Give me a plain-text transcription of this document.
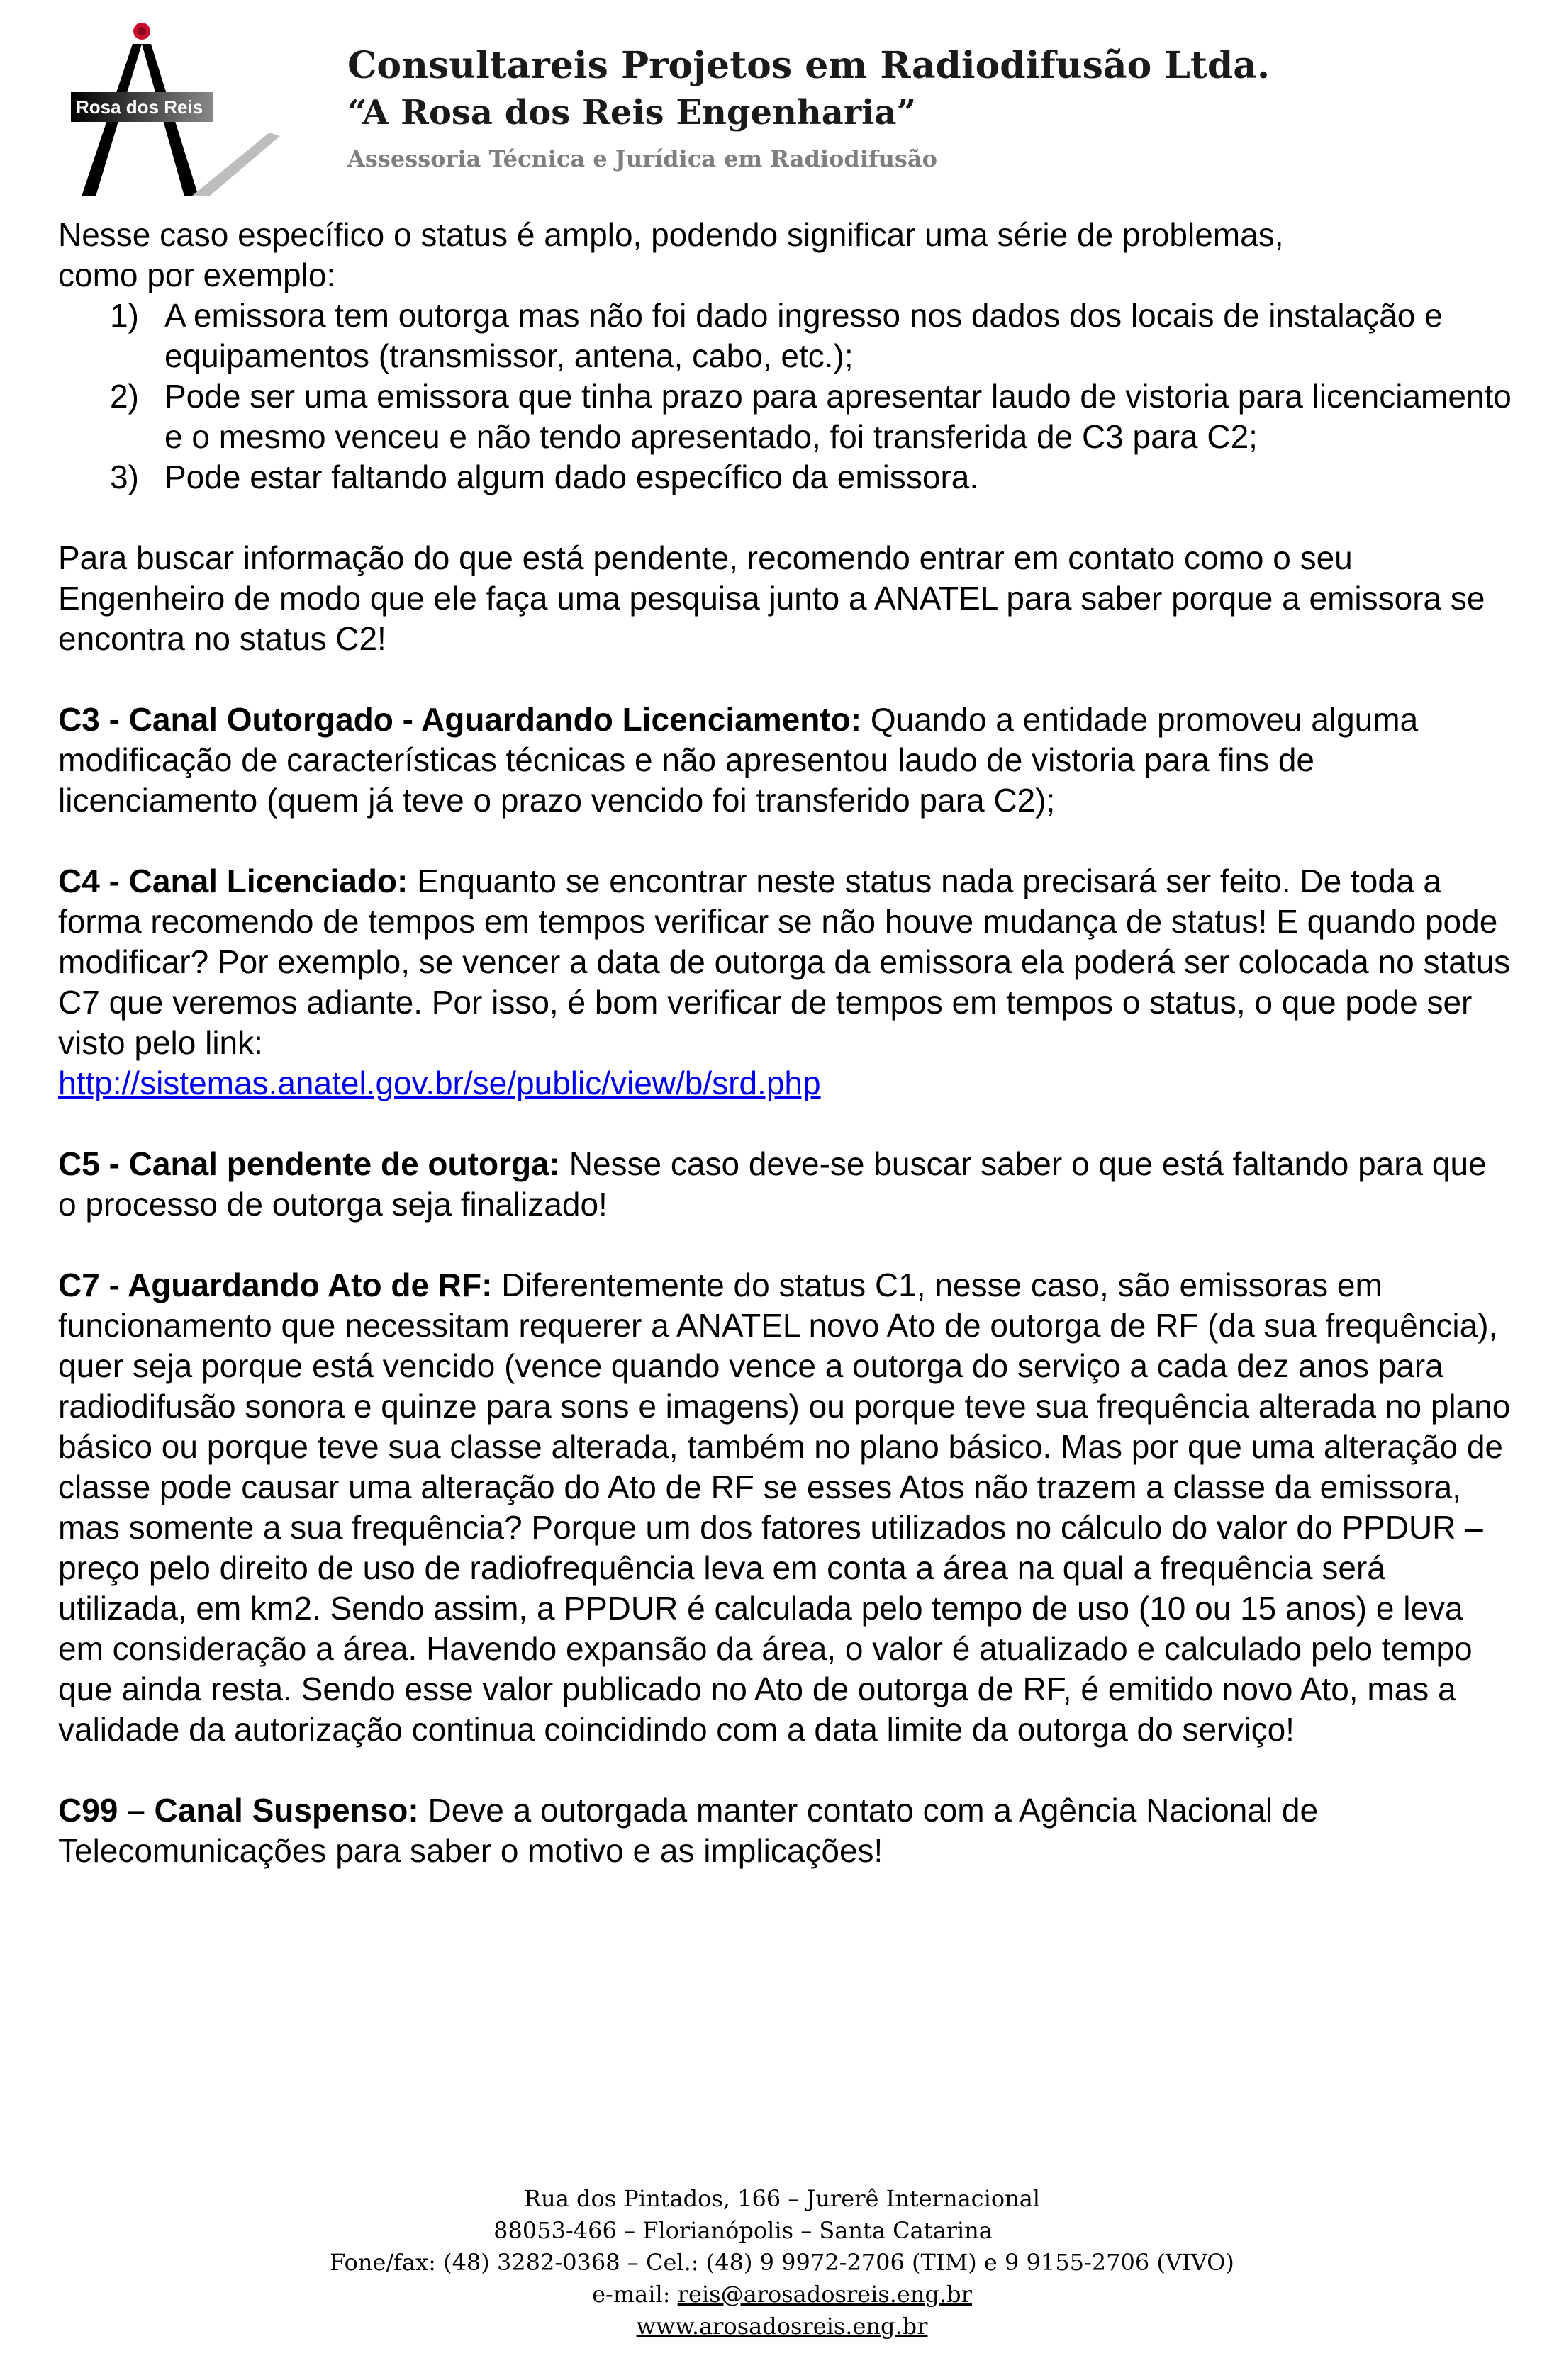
Rosa dos Reis
Consultareis Projetos em Radiodifusão Ltda.
“A Rosa dos Reis Engenharia”
Assessoria Técnica e Jurídica em Radiodifusão

Nesse caso específico o status é amplo, podendo significar uma série de problemas,

como por exemplo:

1) A emissora tem outorga mas não foi dado ingresso nos dados dos locais de instalação e equipamentos (transmissor, antena, cabo, etc.);
2) Pode ser uma emissora que tinha prazo para apresentar laudo de vistoria para licenciamento e o mesmo venceu e não tendo apresentado, foi transferida de C3 para C2;
3) Pode estar faltando algum dado específico da emissora.

Para buscar informação do que está pendente, recomendo entrar em contato como o seu Engenheiro de modo que ele faça uma pesquisa junto a ANATEL para saber porque a emissora se encontra no status C2!

C3 - Canal Outorgado - Aguardando Licenciamento: Quando a entidade promoveu alguma modificação de características técnicas e não apresentou laudo de vistoria para fins de licenciamento (quem já teve o prazo vencido foi transferido para C2);

C4 - Canal Licenciado: Enquanto se encontrar neste status nada precisará ser feito. De toda a forma recomendo de tempos em tempos verificar se não houve mudança de status! E quando pode modificar? Por exemplo, se vencer a data de outorga da emissora ela poderá ser colocada no status C7 que veremos adiante. Por isso, é bom verificar de tempos em tempos o status, o que pode ser visto pelo link:

http://sistemas.anatel.gov.br/se/public/view/b/srd.php

C5 - Canal pendente de outorga: Nesse caso deve-se buscar saber o que está faltando para que o processo de outorga seja finalizado!

C7 - Aguardando Ato de RF: Diferentemente do status C1, nesse caso, são emissoras em funcionamento que necessitam requerer a ANATEL novo Ato de outorga de RF (da sua frequência), quer seja porque está vencido (vence quando vence a outorga do serviço a cada dez anos para radiodifusão sonora e quinze para sons e imagens) ou porque teve sua frequência alterada no plano básico ou porque teve sua classe alterada, também no plano básico. Mas por que uma alteração de classe pode causar uma alteração do Ato de RF se esses Atos não trazem a classe da emissora, mas somente a sua frequência? Porque um dos fatores utilizados no cálculo do valor do PPDUR – preço pelo direito de uso de radiofrequência leva em conta a área na qual a frequência será utilizada, em km2. Sendo assim, a PPDUR é calculada pelo tempo de uso (10 ou 15 anos) e leva em consideração a área. Havendo expansão da área, o valor é atualizado e calculado pelo tempo que ainda resta. Sendo esse valor publicado no Ato de outorga de RF, é emitido novo Ato, mas a validade da autorização continua coincidindo com a data limite da outorga do serviço!

C99 – Canal Suspenso: Deve a outorgada manter contato com a Agência Nacional de Telecomunicações para saber o motivo e as implicações!

Rua dos Pintados, 166 – Jurerê Internacional
88053-466 – Florianópolis – Santa Catarina
Fone/fax: (48) 3282-0368 – Cel.: (48) 9 9972-2706 (TIM) e 9 9155-2706 (VIVO)
e-mail: reis@arosadosreis.eng.br
www.arosadosreis.eng.br
